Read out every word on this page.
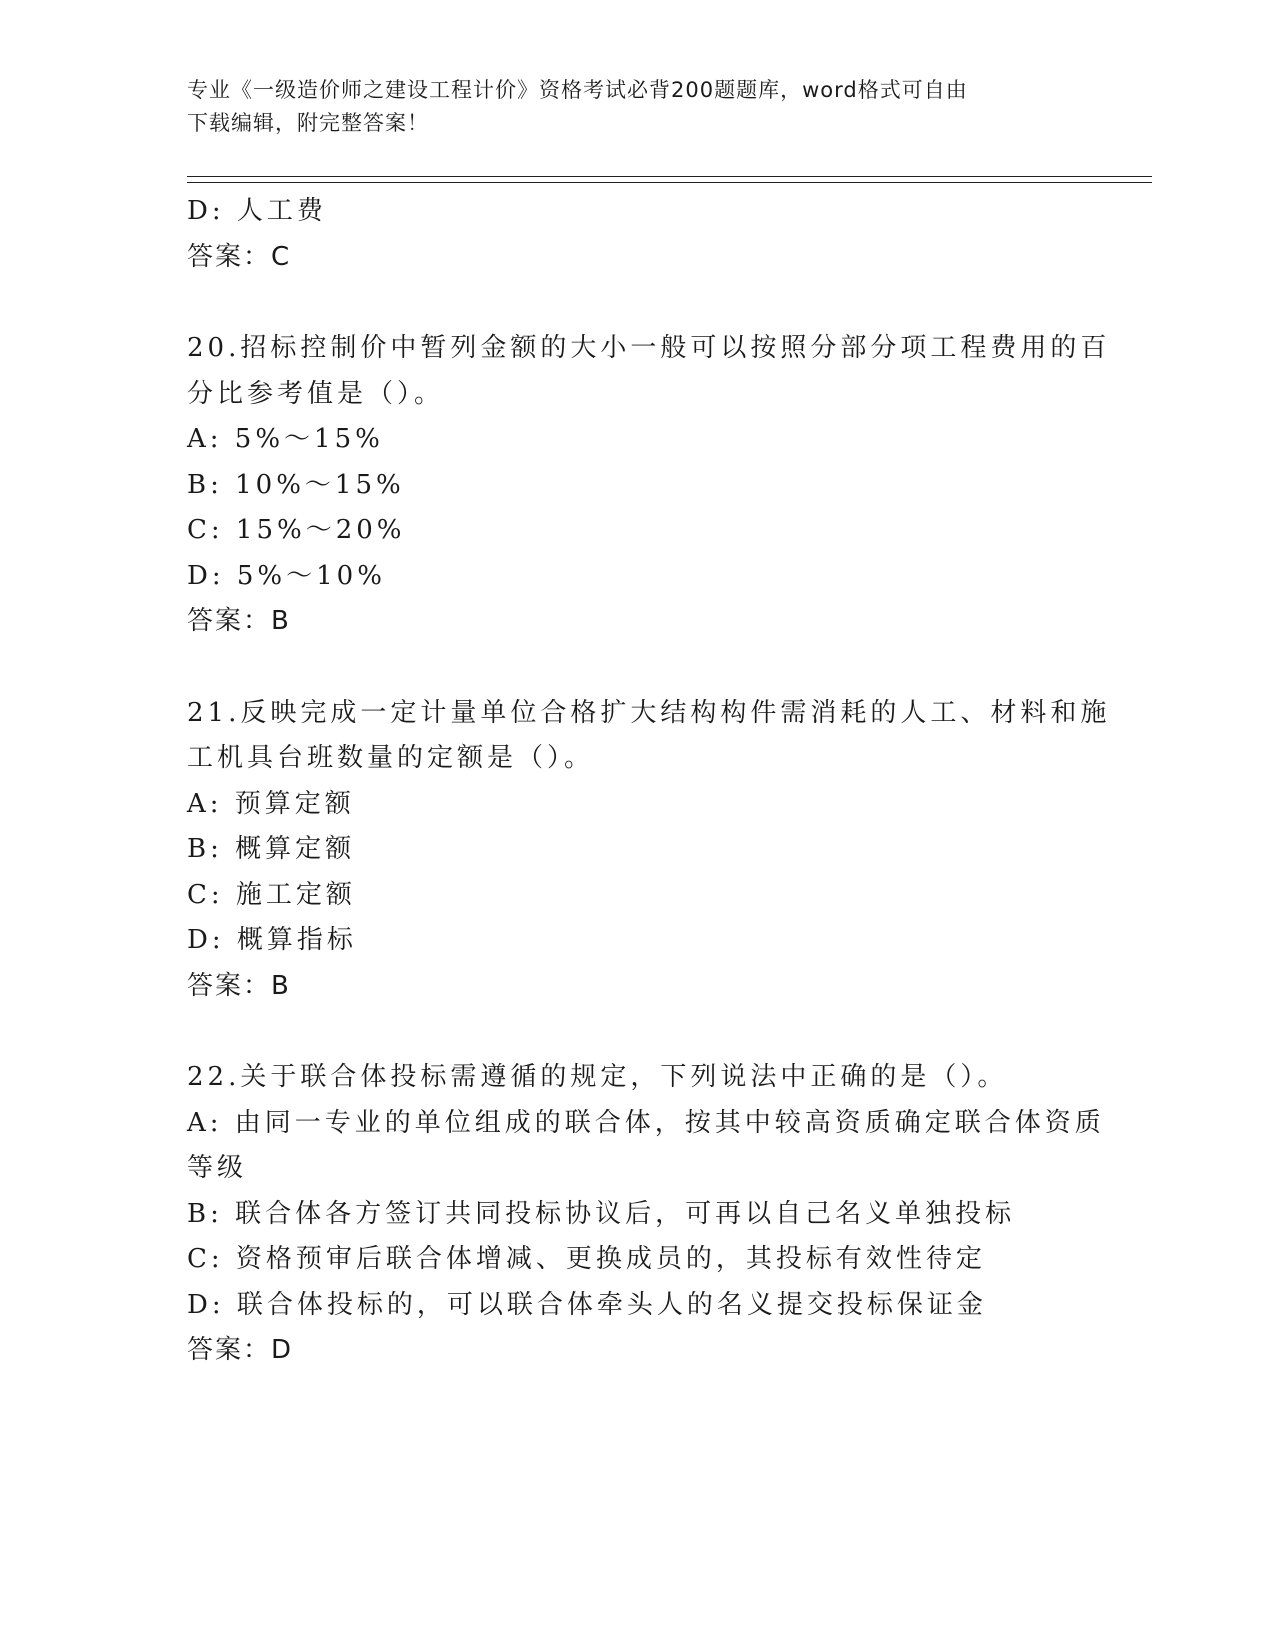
专业《一级造价师之建设工程计价》资格考试必背200题题库，word格式可自由
下载编辑，附完整答案！
D: 人工费
答案：C
20.招标控制价中暂列金额的大小一般可以按照分部分项工程费用的百
分比参考值是（）。
A: 5%～15%
B: 10%～15%
C: 15%～20%
D: 5%～10%
答案：B
21.反映完成一定计量单位合格扩大结构构件需消耗的人工、材料和施
工机具台班数量的定额是（）。
A: 预算定额
B: 概算定额
C: 施工定额
D: 概算指标
答案：B
22.关于联合体投标需遵循的规定，下列说法中正确的是（）。
A: 由同一专业的单位组成的联合体，按其中较高资质确定联合体资质
等级
B: 联合体各方签订共同投标协议后，可再以自己名义单独投标
C: 资格预审后联合体增减、更换成员的，其投标有效性待定
D: 联合体投标的，可以联合体牵头人的名义提交投标保证金
答案：D
